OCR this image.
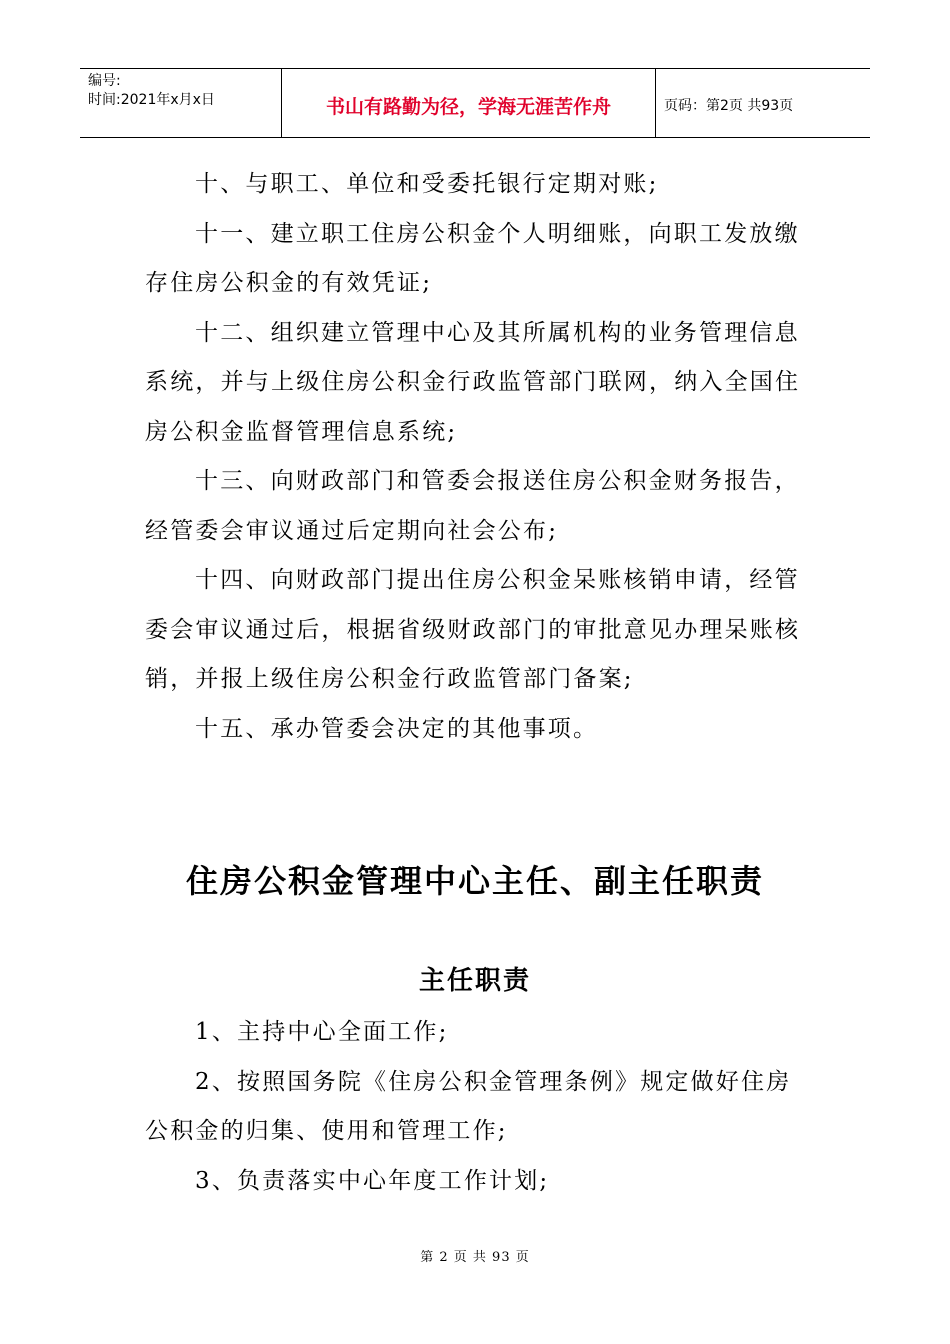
编号:
时间:2021年x月x日	书山有路勤为径，学海无涯苦作舟	页码：第2页 共93页

十、与职工、单位和受委托银行定期对账;

十一、建立职工住房公积金个人明细账，向职工发放缴存住房公积金的有效凭证;

十二、组织建立管理中心及其所属机构的业务管理信息系统，并与上级住房公积金行政监管部门联网，纳入全国住房公积金监督管理信息系统;

十三、向财政部门和管委会报送住房公积金财务报告，经管委会审议通过后定期向社会公布;

十四、向财政部门提出住房公积金呆账核销申请，经管委会审议通过后，根据省级财政部门的审批意见办理呆账核销，并报上级住房公积金行政监管部门备案;

十五、承办管委会决定的其他事项。

住房公积金管理中心主任、副主任职责
主任职责

1、主持中心全面工作;

2、按照国务院《住房公积金管理条例》规定做好住房公积金的归集、使用和管理工作;

3、负责落实中心年度工作计划;

第 2 页 共 93 页
